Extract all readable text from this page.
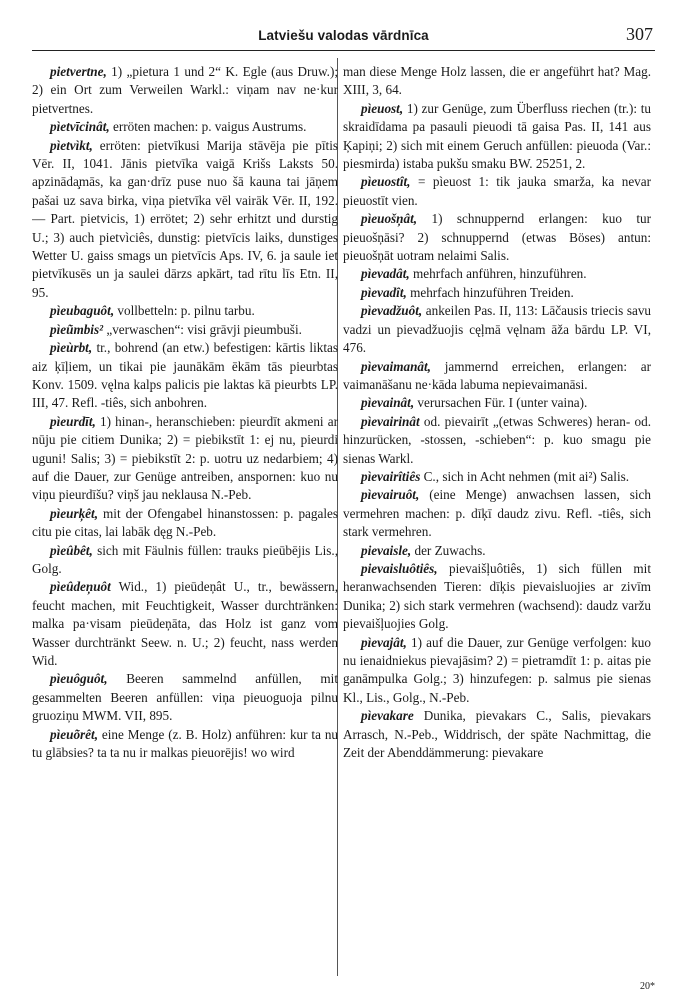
Latviešu valodas vārdnīca	307

pietvertne, 1) „pietura 1 und 2“ K. Egle (aus Druw.); 2) ein Ort zum Verweilen Warkl.: viņam nav ne·kur pietvertnes.

pìetvīcinât, erröten machen: p. vaigus Austrums.

pìetvìkt, erröten: pietvīkusi Marija stāvēja pie pītis Vēr. II, 1041. Jānis pietvīka vaigā Krišs Laksts 50. apzināda̧mās, ka gan·drīz puse nuo šā kauna tai jāņem pašai uz sava birka, viņa pietvīka vēl vairāk Vēr. II, 192. — Part. pietvicis, 1) errötet; 2) sehr erhitzt und durstig U.; 3) auch pietvìciês, dunstig: pietvīcis laiks, dunstiges Wetter U. gaiss smags un pietvīcis Aps. IV, 6. ja saule iet pietvīkusēs un ja saulei dārzs apkārt, tad rītu līs Etn. II, 95.

pìeubaguôt, vollbetteln: p. pilnu tarbu.

pìeũmbis² „verwaschen“: visi grāvji pieumbuši.

pìeùrbt, tr., bohrend (an etw.) befestigen: kārtis liktas aiz ķīļiem, un tikai pie jaunākām ēkām tās pieurbtas Konv. 1509. vęlna kalps palicis pie laktas kā pieurbts LP. III, 47. Refl. -tiês, sich anbohren.

pìeurdīt, 1) hinan-, heranschieben: pieurdīt akmeni ar nūju pie citiem Dunika; 2) = piebikstīt 1: ej nu, pieurdi uguni! Salis; 3) = piebikstīt 2: p. uotru uz nedarbiem; 4) auf die Dauer, zur Genüge antreiben, anspornen: kuo nu viņu pieurdīšu? viņš jau neklausa N.-Peb.

pìeurķêt, mit der Ofengabel hinanstossen: p. pagales citu pie citas, lai labāk dęg N.-Peb.

pìeûbêt, sich mit Fäulnis füllen: trauks pieūbējis Lis., Golg.

pìeûdeņuôt Wid., 1) pieūdeņât U., tr., bewässern, feucht machen, mit Feuchtigkeit, Wasser durchtränken: malka pa·visam pieūdeņāta, das Holz ist ganz vom Wasser durchtränkt Seew. n. U.; 2) feucht, nass werden Wid.

pìeuôguôt, Beeren sammelnd anfüllen, mit gesammelten Beeren anfüllen: viņa pieuoguoja pilnu gruoziņu MWM. VII, 895.

pìeuõrêt, eine Menge (z. B. Holz) anführen: kur ta nu tu glābsies? ta ta nu ir malkas pieuorējis! wo wird

man diese Menge Holz lassen, die er angeführt hat? Mag. XIII, 3, 64.

pìeuost, 1) zur Genüge, zum Überfluss riechen (tr.): tu skraidīdama pa pasauli pieuodi tā gaisa Pas. II, 141 aus Ķapiņi; 2) sich mit einem Geruch anfüllen: pieuoda (Var.: piesmirda) istaba pukšu smaku BW. 25251, 2.

pìeuostît, = pìeuost 1: tik jauka smarža, ka nevar pieuostīt vien.

pìeuošņât, 1) schnuppernd erlangen: kuo tur pieuošņāsi? 2) schnuppernd (etwas Böses) antun: pieuošņāt uotram nelaimi Salis.

pìevadât, mehrfach anführen, hinzuführen.

pìevadît, mehrfach hinzuführen Treiden.

pìevadžuôt, ankeilen Pas. II, 113: Lāčausis triecis savu vadzi un pievadžuojis cęļmā vęlnam āža bārdu LP. VI, 476.

pìevaimanât, jammernd erreichen, erlangen: ar vaimanāšanu ne·kāda labuma nepievaimanāsi.

pìevainât, verursachen Für. I (unter vaina).

pìevairinât od. pievairīt „(etwas Schweres) heran- od. hinzurücken, -stossen, -schieben“: p. kuo smagu pie sienas Warkl.

pìevairîtiês C., sich in Acht nehmen (mit ai²) Salis.

pìevairuôt, (eine Menge) anwachsen lassen, sich vermehren machen: p. dīķī daudz zivu. Refl. -tiês, sich stark vermehren.

pievaisle, der Zuwachs.

pievaisluôtiês, pievaišļuôtiês, 1) sich füllen mit heranwachsenden Tieren: dīķis pievaisluojies ar zivīm Dunika; 2) sich stark vermehren (wachsend): daudz varžu pievaišļuojies Golg.

pìevajât, 1) auf die Dauer, zur Genüge verfolgen: kuo nu ienaidniekus pievajāsim? 2) = pietramdīt 1: p. aitas pie ganāmpulka Golg.; 3) hinzufegen: p. salmus pie sienas Kl., Lis., Golg., N.-Peb.

pìevakare Dunika, pievakars C., Salis, pievakars Arrasch, N.-Peb., Widdrisch, der späte Nachmittag, die Zeit der Abenddämmerung: pievakare

20*
